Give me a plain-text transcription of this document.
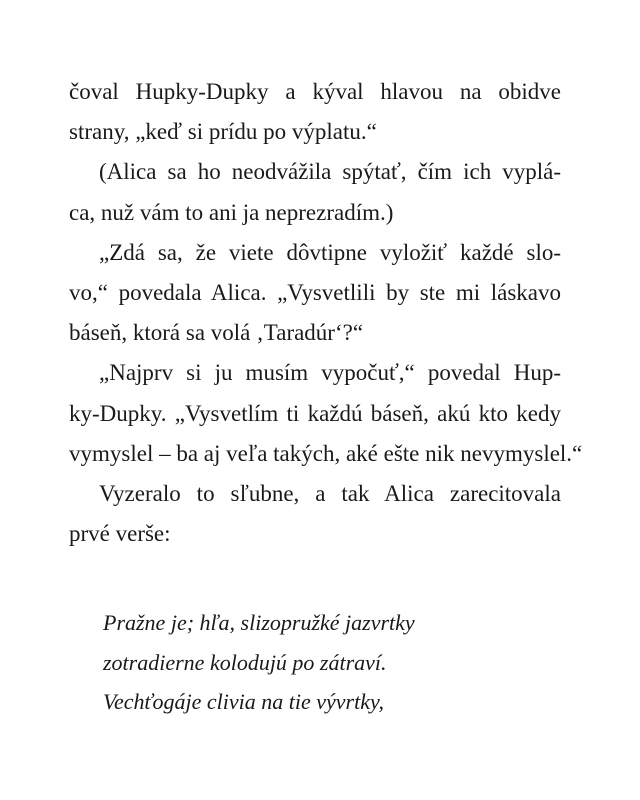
čoval Hupky-Dupky a kýval hlavou na obidve
strany, „keď si prídu po výplatu.“
(Alica sa ho neodvážila spýtať, čím ich vyplá-
ca, nuž vám to ani ja neprezradím.)
„Zdá sa, že viete dôvtipne vyložiť každé slo-
vo,“ povedala Alica. „Vysvetlili by ste mi láskavo
báseň, ktorá sa volá ‚Taradúr‘?“
„Najprv si ju musím vypočuť,“ povedal Hup-
ky-Dupky. „Vysvetlím ti každú báseň, akú kto kedy
vymyslel – ba aj veľa takých, aké ešte nik nevymyslel.“
Vyzeralo to sľubne, a tak Alica zarecitovala
prvé verše:
Pražne je; hľa, slizopružké jazvrtky
zotradierne kolodujú po zátraví.
Vechťogáje clivia na tie vývrtky,
